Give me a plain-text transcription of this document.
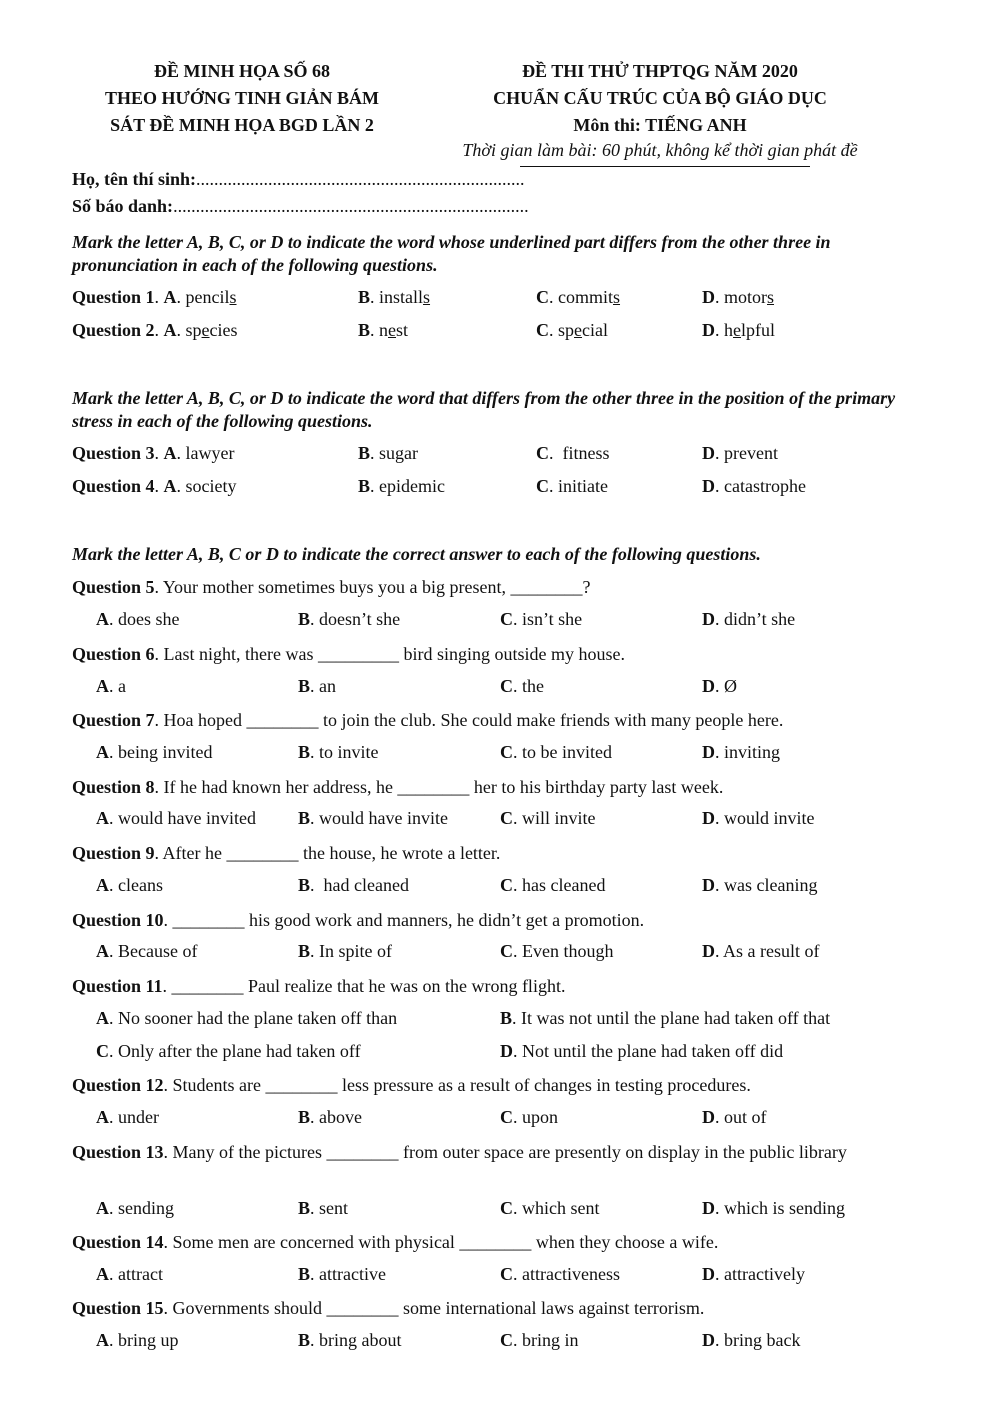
ĐỀ MINH HỌA SỐ 68
THEO HƯỚNG TINH GIẢN BÁM
SÁT ĐỀ MINH HỌA BGD LẦN 2
ĐỀ THI THỬ THPTQG NĂM 2020
CHUẨN CẤU TRÚC CỦA BỘ GIÁO DỤC
Môn thi: TIẾNG ANH
Thời gian làm bài: 60 phút, không kể thời gian phát đề
Họ, tên thí sinh:.........................................................................
Số báo danh:...............................................................................
Mark the letter A, B, C, or D to indicate the word whose underlined part differs from the other three in pronunciation in each of the following questions.
Question 1. A. pencils	B. installs	C. commits	D. motors
Question 2. A. species	B. nest	C. special	D. helpful
Mark the letter A, B, C, or D to indicate the word that differs from the other three in the position of the primary stress in each of the following questions.
Question 3. A. lawyer	B. sugar	C. fitness	D. prevent
Question 4. A. society	B. epidemic	C. initiate	D. catastrophe
Mark the letter A, B, C or D to indicate the correct answer to each of the following questions.
Question 5. Your mother sometimes buys you a big present, ________?
A. does she	B. doesn’t she	C. isn’t she	D. didn’t she
Question 6. Last night, there was _________ bird singing outside my house.
A. a	B. an	C. the	D. Ø
Question 7. Hoa hoped ________ to join the club. She could make friends with many people here.
A. being invited	B. to invite	C. to be invited	D. inviting
Question 8. If he had known her address, he ________ her to his birthday party last week.
A. would have invited B. would have invite	C. will invite	D. would invite
Question 9. After he ________ the house, he wrote a letter.
A. cleans	B. had cleaned	C. has cleaned	D. was cleaning
Question 10. ________ his good work and manners, he didn’t get a promotion.
A. Because of	B. In spite of	C. Even though	D. As a result of
Question 11. ________ Paul realize that he was on the wrong flight.
A. No sooner had the plane taken off than	B. It was not until the plane had taken off that
C. Only after the plane had taken off	D. Not until the plane had taken off did
Question 12. Students are ________ less pressure as a result of changes in testing procedures.
A. under	B. above	C. upon	D. out of
Question 13. Many of the pictures ________ from outer space are presently on display in the public library
A. sending	B. sent	C. which sent	D. which is sending
Question 14. Some men are concerned with physical ________ when they choose a wife.
A. attract	B. attractive	C. attractiveness	D. attractively
Question 15. Governments should ________ some international laws against terrorism.
A. bring up	B. bring about	C. bring in	D. bring back
